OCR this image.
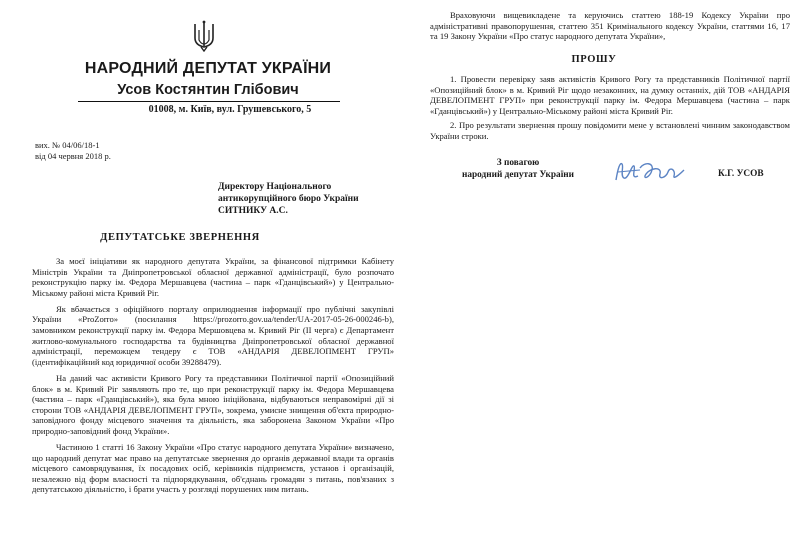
НАРОДНИЙ ДЕПУТАТ УКРАЇНИ
Усов Костянтин Глібович
01008, м. Київ, вул. Грушевського, 5
вих. № 04/06/18-1
від 04 червня 2018 р.
Директору Національного
антикорупційного бюро України
СИТНИКУ А.С.
ДЕПУТАТСЬКЕ ЗВЕРНЕННЯ

За моєї ініціативи як народного депутата України, за фінансової підтримки Кабінету Міністрів України та Дніпропетровської обласної державної адміністрації, було розпочато реконструкцію парку ім. Федора Мершавцева (частина – парк «Гданцівський») у Центрально-Міському районі міста Кривий Ріг.

Як вбачається з офіційного порталу оприлюднення інформації про публічні закупівлі України «ProZorro» (посилання https://prozorro.gov.ua/tender/UA-2017-05-26-000246-b), замовником реконструкції парку ім. Федора Мершовцева м. Кривий Ріг (II черга) є Департамент житлово-комунального господарства та будівництва Дніпропетровської обласної державної адміністрації, переможцем тендеру є ТОВ «АНДАРІЯ ДЕВЕЛОПМЕНТ ГРУП» (ідентифікаційний код юридичної особи 39288479).

На даний час активісти Кривого Рогу та представники Політичної партії «Опозиційний блок» в м. Кривий Ріг заявляють про те, що при реконструкції парку ім. Федора Мершавцева (частина – парк «Гданцівський»), яка була мною ініційована, відбуваються неправомірні дії зі сторони ТОВ «АНДАРІЯ ДЕВЕЛОПМЕНТ ГРУП», зокрема, умисне знищення об'єкта природно-заповідного фонду місцевого значення та діяльність, яка заборонена Законом України «Про природно-заповідний фонд України».

Частиною 1 статті 16 Закону України «Про статус народного депутата України» визначено, що народний депутат має право на депутатське звернення до органів державної влади та органів місцевого самоврядування, їх посадових осіб, керівників підприємств, установ і організацій, незалежно від форм власності та підпорядкування, об'єднань громадян з питань, пов'язаних з депутатською діяльністю, і брати участь у розгляді порушених ним питань.

Враховуючи вищевикладене та керуючись статтею 188-19 Кодексу України про адміністративні правопорушення, статтею 351 Кримінального кодексу України, статтями 16, 17 та 19 Закону України «Про статус народного депутата України»,

ПРОШУ

1. Провести перевірку заяв активістів Кривого Рогу та представників Політичної партії «Опозиційний блок» в м. Кривий Ріг щодо незаконних, на думку останніх, дій ТОВ «АНДАРІЯ ДЕВЕЛОПМЕНТ ГРУП» при реконструкції парку ім. Федора Мершавцева (частина – парк «Гданцівський») у Центрально-Міському районі міста Кривий Ріг.

2. Про результати звернення прошу повідомити мене у встановлені чинним законодавством України строки.

З повагою
народний депутат України	К.Г. УСОВ
